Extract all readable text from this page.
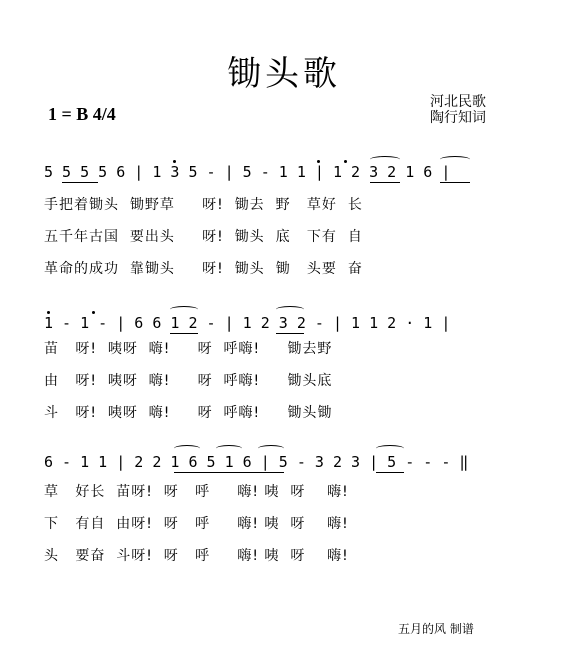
锄头歌
1 = B 4/4
河北民歌
陶行知词
5 5 5 5 6 | 1 3 5 - | 5 - 1 1 | 1 2 3 2 1 6 |
手把着锄头  锄野草     呀!  锄去  野   草好  长
五千年古国  要出头     呀!  锄头  底   下有  自
革命的成功  靠锄头     呀!  锄头  锄   头要  奋
1 - 1 - | 6 6 1 2 - | 1 2 3 2 - | 1 1 2 · 1 |
苗   呀!  咦呀  嗨!     呀  呼嗨!     锄去野
由   呀!  咦呀  嗨!     呀  呼嗨!     锄头底
斗   呀!  咦呀  嗨!     呀  呼嗨!     锄头锄
6 - 1 1 | 2 2 1 6 5 1 6 | 5 - 3 2 3 | 5 - - - ‖
草   好长  苗呀!  呀   呼     嗨! 咦  呀    嗨!
下   有自  由呀!  呀   呼     嗨! 咦  呀    嗨!
头   要奋  斗呀!  呀   呼     嗨! 咦  呀    嗨!
五月的风 制谱
